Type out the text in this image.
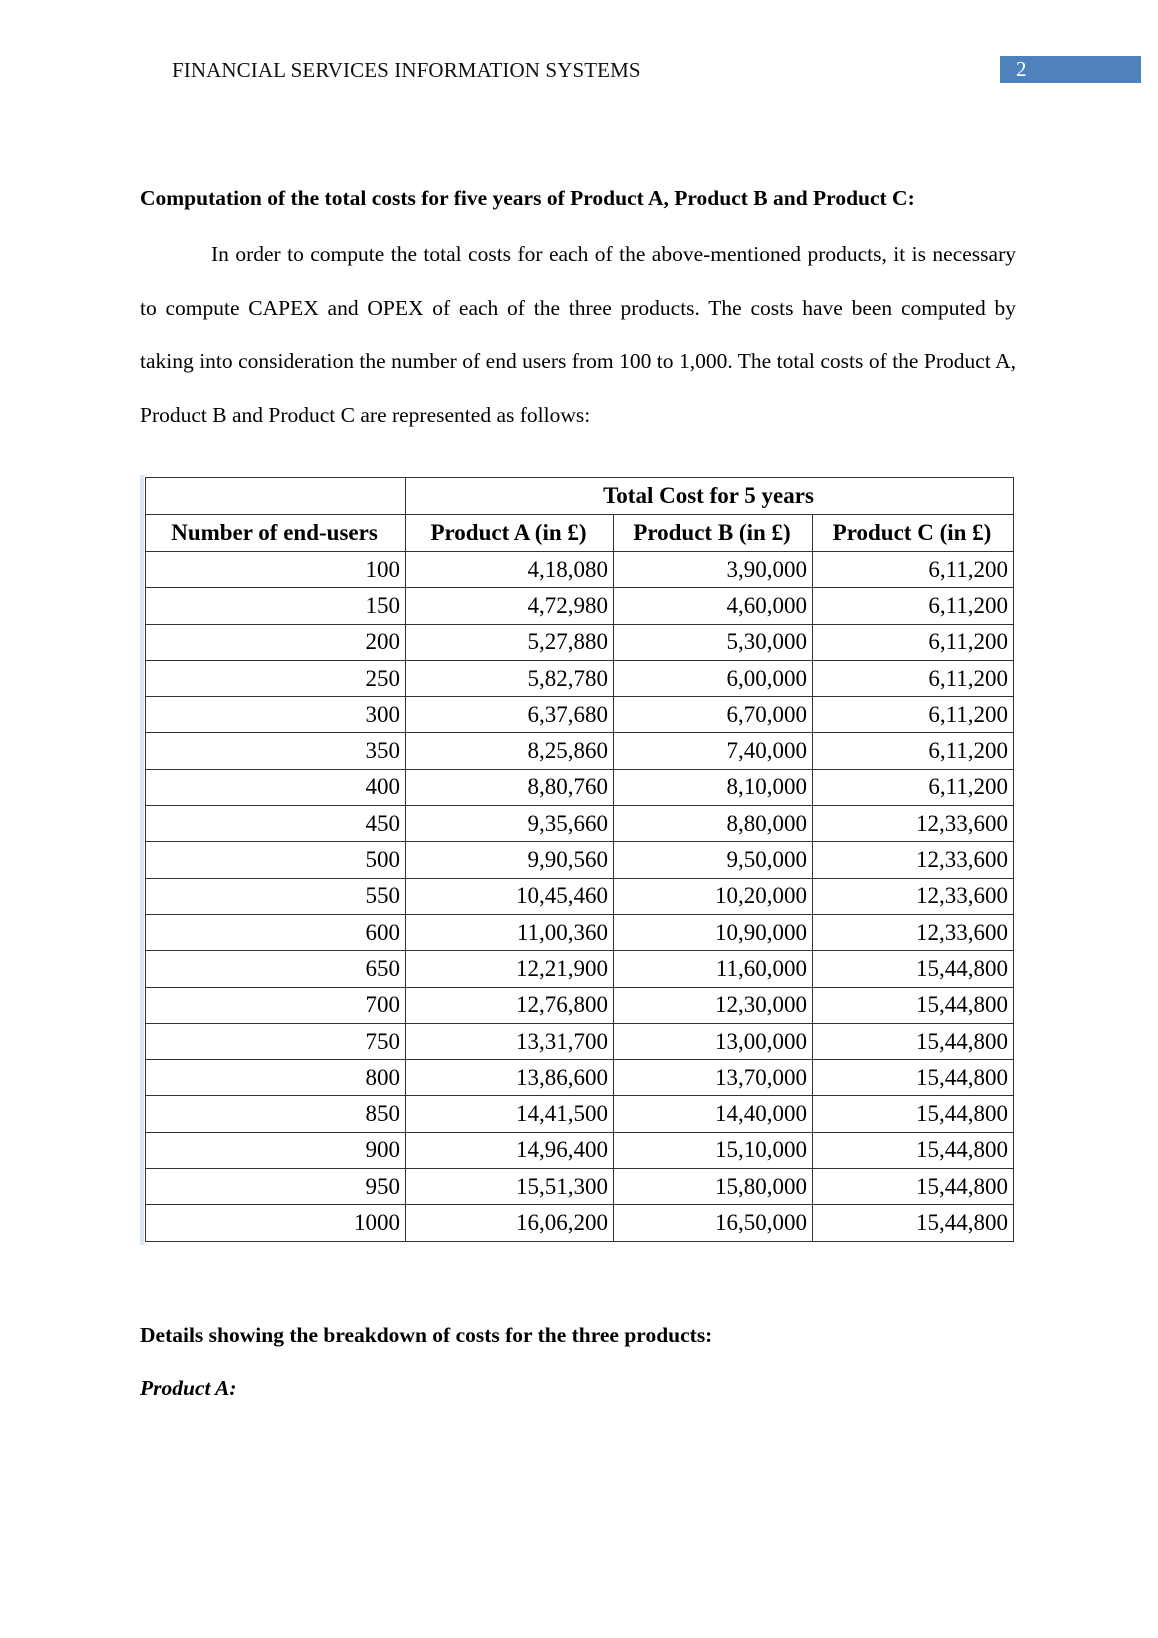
FINANCIAL SERVICES INFORMATION SYSTEMS	2
Computation of the total costs for five years of Product A, Product B and Product C:

In order to compute the total costs for each of the above-mentioned products, it is necessary to compute CAPEX and OPEX of each of the three products. The costs have been computed by taking into consideration the number of end users from 100 to 1,000. The total costs of the Product A, Product B and Product C are represented as follows:

	Total Cost for 5 years		
Number of end-users	Product A (in £)	Product B (in £)	Product C (in £)
100	4,18,080	3,90,000	6,11,200
150	4,72,980	4,60,000	6,11,200
200	5,27,880	5,30,000	6,11,200
250	5,82,780	6,00,000	6,11,200
300	6,37,680	6,70,000	6,11,200
350	8,25,860	7,40,000	6,11,200
400	8,80,760	8,10,000	6,11,200
450	9,35,660	8,80,000	12,33,600
500	9,90,560	9,50,000	12,33,600
550	10,45,460	10,20,000	12,33,600
600	11,00,360	10,90,000	12,33,600
650	12,21,900	11,60,000	15,44,800
700	12,76,800	12,30,000	15,44,800
750	13,31,700	13,00,000	15,44,800
800	13,86,600	13,70,000	15,44,800
850	14,41,500	14,40,000	15,44,800
900	14,96,400	15,10,000	15,44,800
950	15,51,300	15,80,000	15,44,800
1000	16,06,200	16,50,000	15,44,800
Details showing the breakdown of costs for the three products:
Product A:
